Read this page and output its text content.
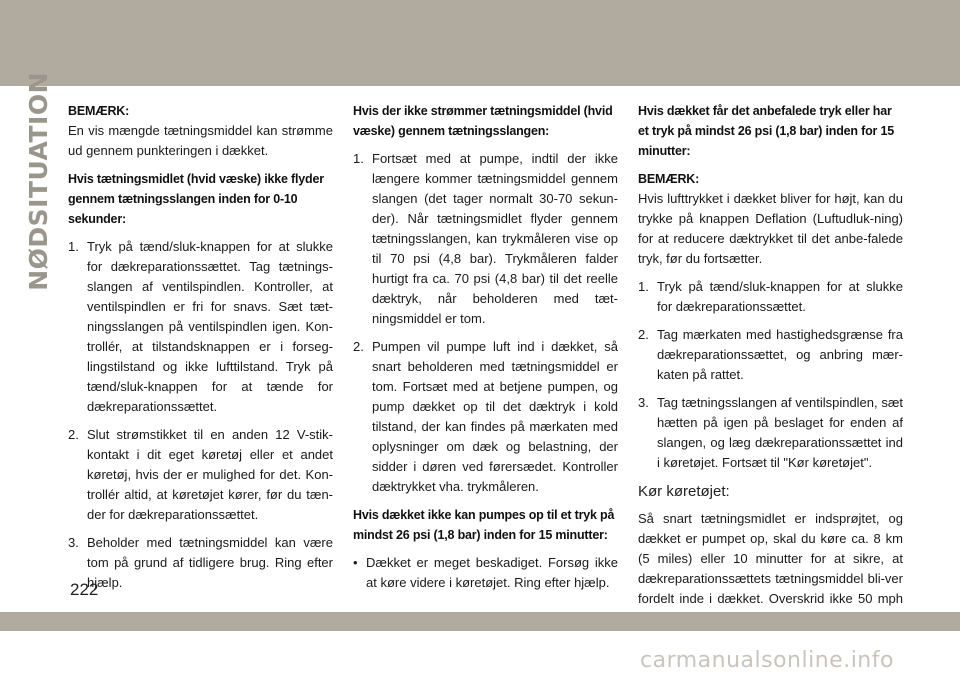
NØDSITUATION BEMÆRK:

En vis mængde tætningsmiddel kan strømme ud gennem punkteringen i dækket.

Hvis tætningsmidlet (hvid væske) ikke flyder gennem tætningsslangen inden for 0-10 sekunder:

1. Tryk på tænd/sluk-knappen for at slukke for dækreparationssættet. Tag tætnings-slangen af ventilspindlen. Kontroller, at ventilspindlen er fri for snavs. Sæt tæt-ningsslangen på ventilspindlen igen. Kon-trollér, at tilstandsknappen er i forseg-lingstilstand og ikke lufttilstand. Tryk på tænd/sluk-knappen for at tænde for dækreparationssættet.
2. Slut strømstikket til en anden 12 V-stik-kontakt i dit eget køretøj eller et andet køretøj, hvis der er mulighed for det. Kon-trollér altid, at køretøjet kører, før du tæn-der for dækreparationssættet.
3. Beholder med tætningsmiddel kan være tom på grund af tidligere brug. Ring efter hjælp.

Hvis der ikke strømmer tætningsmiddel (hvid væske) gennem tætningsslangen:

1. Fortsæt med at pumpe, indtil der ikke længere kommer tætningsmiddel gennem slangen (det tager normalt 30-70 sekun-der). Når tætningsmidlet flyder gennem tætningsslangen, kan trykmåleren vise op til 70 psi (4,8 bar). Trykmåleren falder hurtigt fra ca. 70 psi (4,8 bar) til det reelle dæktryk, når beholderen med tæt-ningsmiddel er tom.
2. Pumpen vil pumpe luft ind i dækket, så snart beholderen med tætningsmiddel er tom. Fortsæt med at betjene pumpen, og pump dækket op til det dæktryk i kold tilstand, der kan findes på mærkaten med oplysninger om dæk og belastning, der sidder i døren ved førersædet. Kontroller dæktrykket vha. trykmåleren.

Hvis dækket ikke kan pumpes op til et tryk på mindst 26 psi (1,8 bar) inden for 15 minutter:

• Dækket er meget beskadiget. Forsøg ikke at køre videre i køretøjet. Ring efter hjælp.

Hvis dækket får det anbefalede tryk eller har et tryk på mindst 26 psi (1,8 bar) inden for 15 minutter:

BEMÆRK:

Hvis lufttrykket i dækket bliver for højt, kan du trykke på knappen Deflation (Luftudluk-ning) for at reducere dæktrykket til det anbe-falede tryk, før du fortsætter.

1. Tryk på tænd/sluk-knappen for at slukke for dækreparationssættet.
2. Tag mærkaten med hastighedsgrænse fra dækreparationssættet, og anbring mær-katen på rattet.
3. Tag tætningsslangen af ventilspindlen, sæt hætten på igen på beslaget for enden af slangen, og læg dækreparationssættet ind i køretøjet. Fortsæt til "Kør køretøjet".

Kør køretøjet:

Så snart tætningsmidlet er indsprøjtet, og dækket er pumpet op, skal du køre ca. 8 km (5 miles) eller 10 minutter for at sikre, at dækreparationssættets tætningsmiddel bli-ver fordelt inde i dækket. Overskrid ikke 50 mph

222
carmanualsonline.info
